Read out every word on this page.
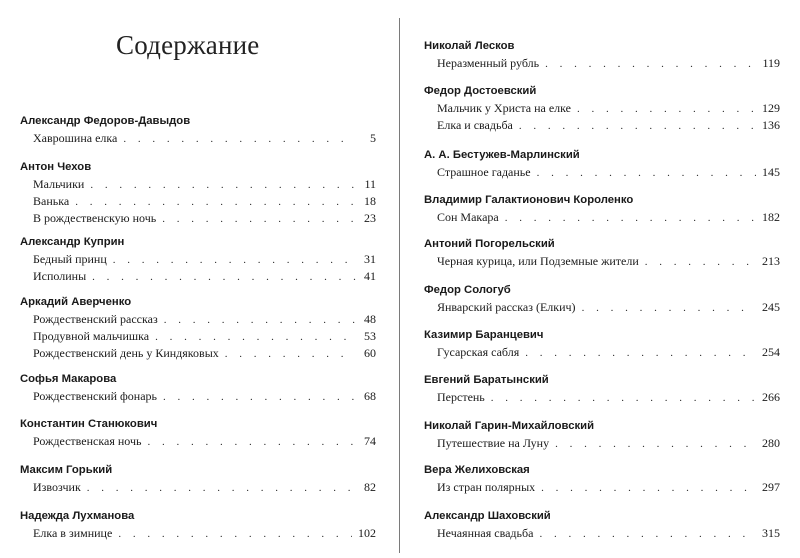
Содержание
Александр Федоров-Давыдов
Хаврошина елка . . .	5
Антон Чехов
Мальчики . . .	11
Ванька . . .	18
В рождественскую ночь . . .	23
Александр Куприн
Бедный принц . . .	31
Исполины . . .	41
Аркадий Аверченко
Рождественский рассказ . . .	48
Продувной мальчишка . . .	53
Рождественский день у Киндяковых . . .	60
Софья Макарова
Рождественский фонарь . . .	68
Константин Станюкович
Рождественская ночь . . .	74
Максим Горький
Извозчик . . .	82
Надежда Лухманова
Елка в зимнице . . .	102
Николай Лесков
Неразменный рубль . . .	119
Федор Достоевский
Мальчик у Христа на елке . . .	129
Елка и свадьба . . .	136
А. А. Бестужев-Марлинский
Страшное гаданье . . .	145
Владимир Галактионович Короленко
Сон Макара . . .	182
Антоний Погорельский
Черная курица, или Подземные жители . . .	213
Федор Сологуб
Январский рассказ (Елкич) . . .	245
Казимир Баранцевич
Гусарская сабля . . .	254
Евгений Баратынский
Перстень . . .	266
Николай Гарин-Михайловский
Путешествие на Луну . . .	280
Вера Желиховская
Из стран полярных . . .	297
Александр Шаховский
Нечаянная свадьба . . .	315
